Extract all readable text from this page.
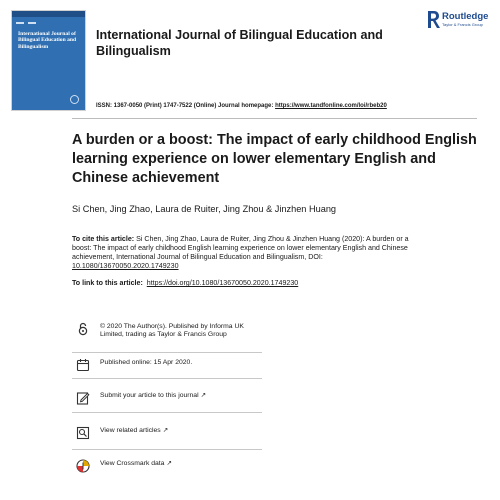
International Journal of Bilingual Education and Bilingualism
International Journal of Bilingual Education and Bilingualism
ISSN: 1367-0050 (Print) 1747-7522 (Online) Journal homepage: https://www.tandfonline.com/loi/rbeb20
Routledge
Taylor & Francis Group
A burden or a boost: The impact of early childhood English learning experience on lower elementary English and Chinese achievement
Si Chen, Jing Zhao, Laura de Ruiter, Jing Zhou & Jinzhen Huang
To cite this article: Si Chen, Jing Zhao, Laura de Ruiter, Jing Zhou & Jinzhen Huang (2020): A burden or a boost: The impact of early childhood English learning experience on lower elementary English and Chinese achievement, International Journal of Bilingual Education and Bilingualism, DOI: 10.1080/13670050.2020.1749230
To link to this article: https://doi.org/10.1080/13670050.2020.1749230
© 2020 The Author(s). Published by Informa UK Limited, trading as Taylor & Francis Group
Published online: 15 Apr 2020.
Submit your article to this journal ↗
View related articles ↗
View Crossmark data ↗
